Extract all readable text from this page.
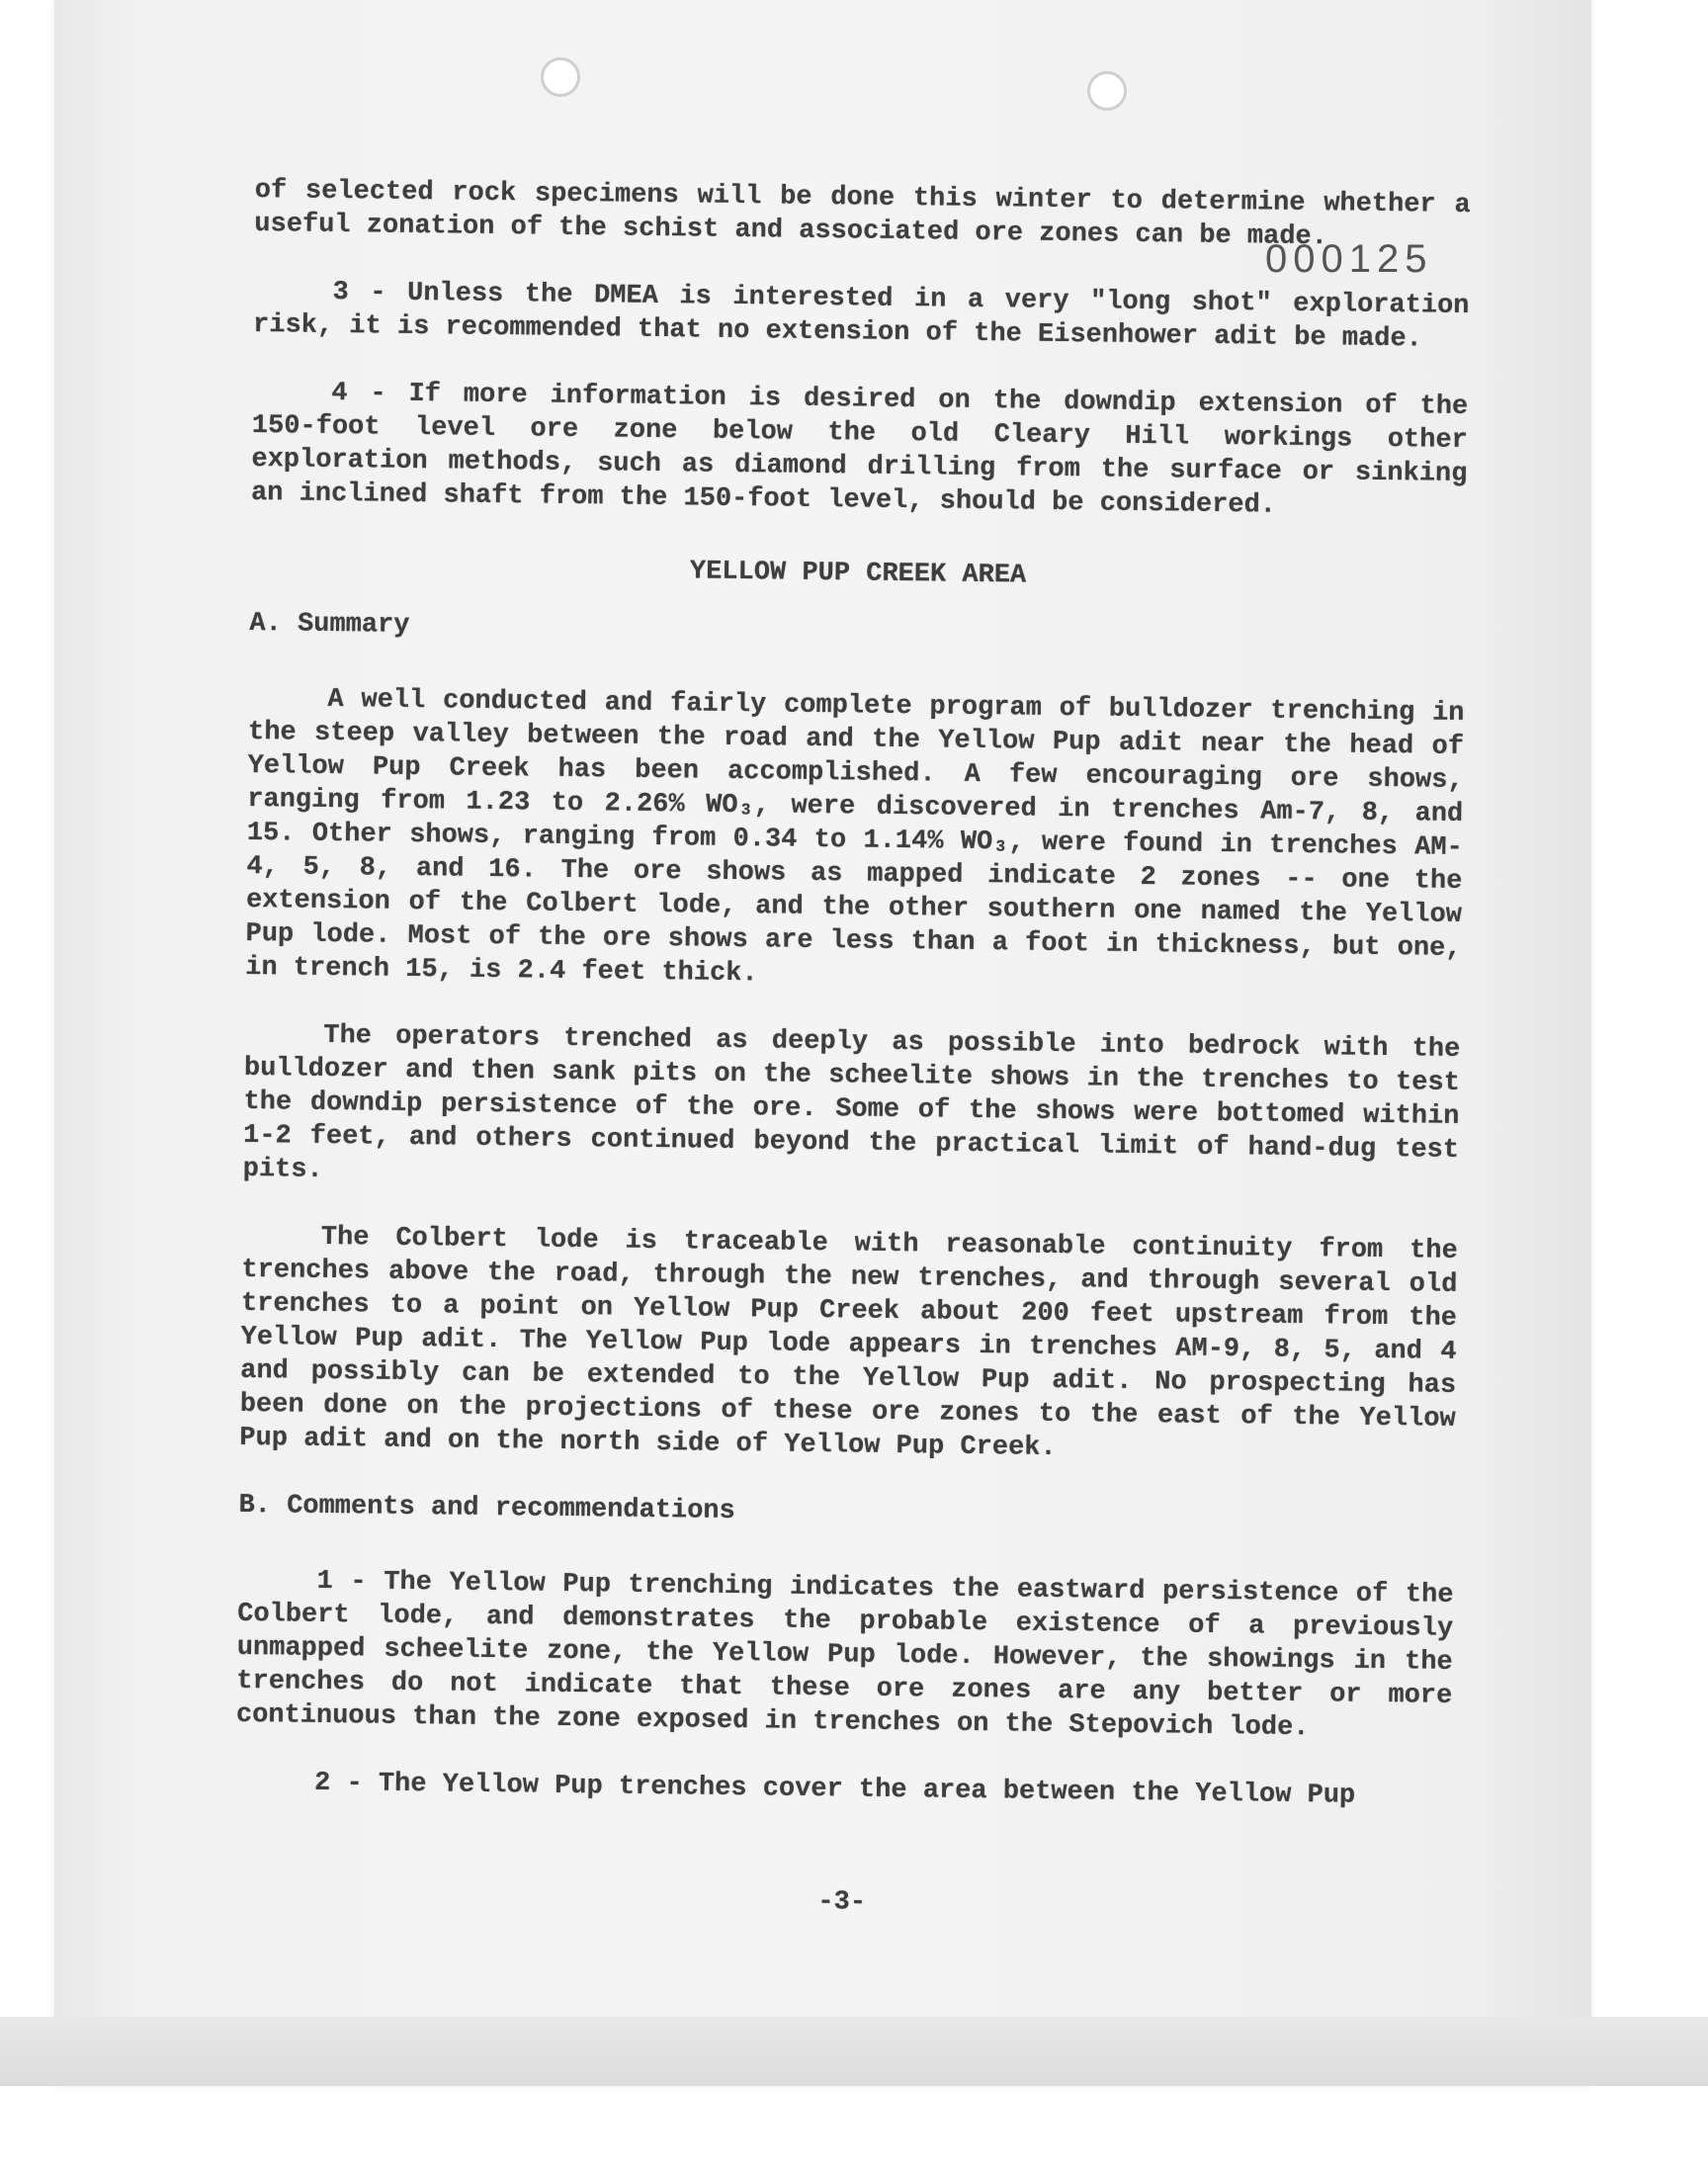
000125

of selected rock specimens will be done this winter to determine whether a useful zonation of the schist and associated ore zones can be made.

3 - Unless the DMEA is interested in a very "long shot" exploration risk, it is recommended that no extension of the Eisenhower adit be made.

4 - If more information is desired on the downdip extension of the 150-foot level ore zone below the old Cleary Hill workings other exploration methods, such as diamond drilling from the surface or sinking an inclined shaft from the 150-foot level, should be considered.

YELLOW PUP CREEK AREA
A. Summary

A well conducted and fairly complete program of bulldozer trenching in the steep valley between the road and the Yellow Pup adit near the head of Yellow Pup Creek has been accomplished. A few encouraging ore shows, ranging from 1.23 to 2.26% WO₃, were discovered in trenches Am-7, 8, and 15. Other shows, ranging from 0.34 to 1.14% WO₃, were found in trenches AM-4, 5, 8, and 16. The ore shows as mapped indicate 2 zones -- one the extension of the Colbert lode, and the other southern one named the Yellow Pup lode. Most of the ore shows are less than a foot in thickness, but one, in trench 15, is 2.4 feet thick.

The operators trenched as deeply as possible into bedrock with the bulldozer and then sank pits on the scheelite shows in the trenches to test the downdip persistence of the ore. Some of the shows were bottomed within 1-2 feet, and others continued beyond the practical limit of hand-dug test pits.

The Colbert lode is traceable with reasonable continuity from the trenches above the road, through the new trenches, and through several old trenches to a point on Yellow Pup Creek about 200 feet upstream from the Yellow Pup adit. The Yellow Pup lode appears in trenches AM-9, 8, 5, and 4 and possibly can be extended to the Yellow Pup adit. No prospecting has been done on the projections of these ore zones to the east of the Yellow Pup adit and on the north side of Yellow Pup Creek.

B. Comments and recommendations

1 - The Yellow Pup trenching indicates the eastward persistence of the Colbert lode, and demonstrates the probable existence of a previously unmapped scheelite zone, the Yellow Pup lode. However, the showings in the trenches do not indicate that these ore zones are any better or more continuous than the zone exposed in trenches on the Stepovich lode.

2 - The Yellow Pup trenches cover the area between the Yellow Pup

-3-
